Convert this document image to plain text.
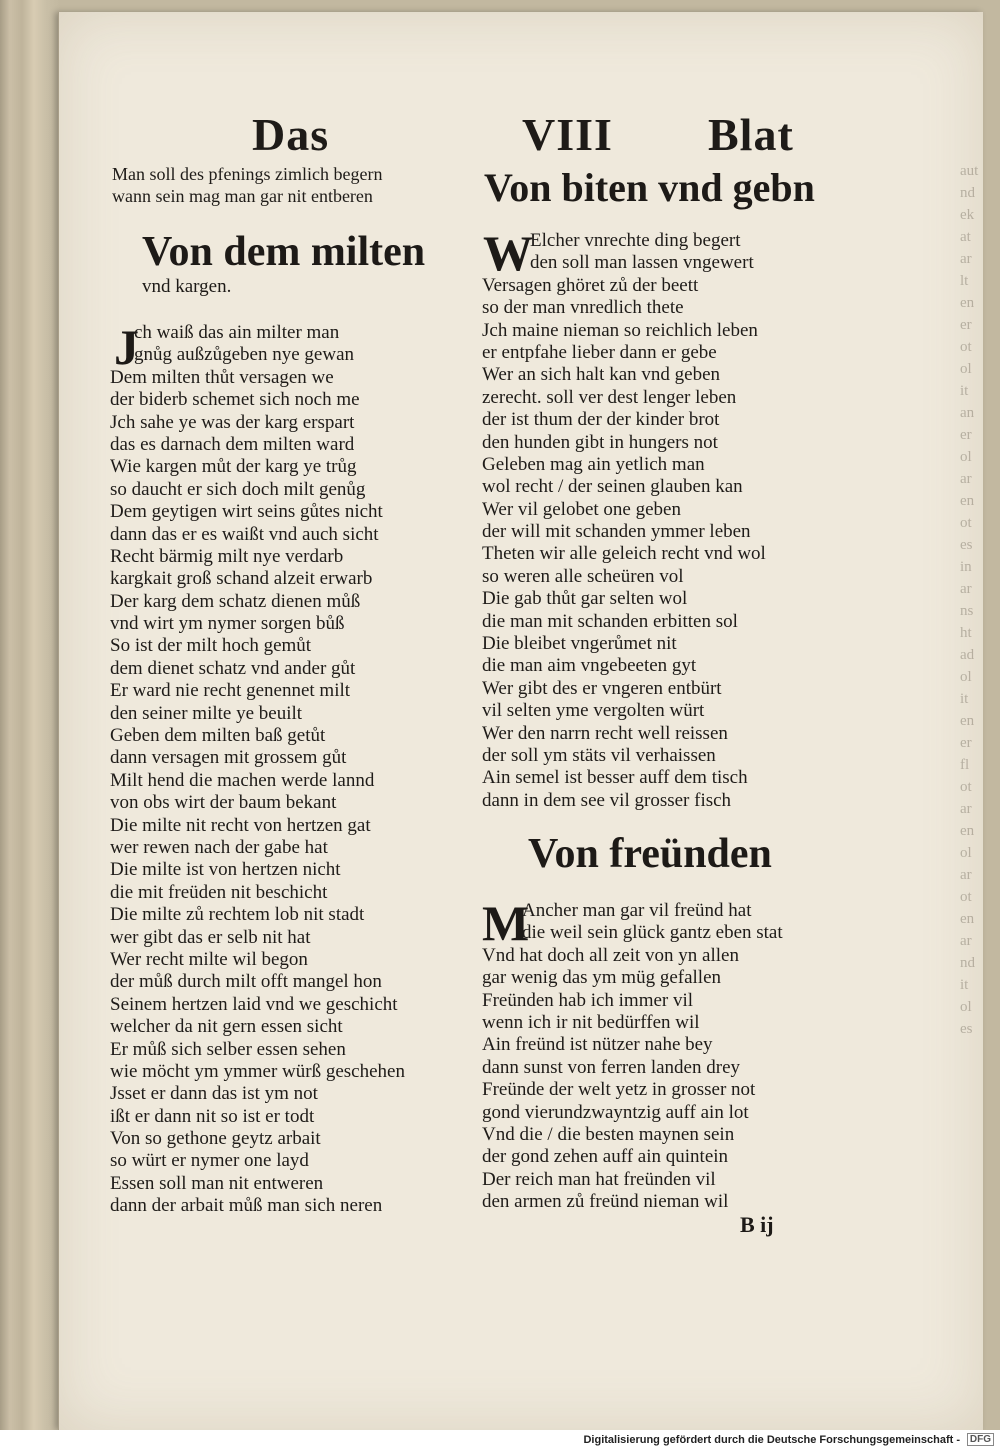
aut
nd
ek
at
ar
lt
en
er
ot
ol
it
an
er
ol
ar
en
ot
es
in
ar
ns
ht
ad
ol
it
en
er
fl
ot
ar
en
ol
ar
ot
en
ar
nd
it
ol
es
Das	VIII Blat
Man soll des pfenings zimlich begern
wann sein mag man gar nit entberen
Von dem milten
vnd kargen.
J
ch waiß das ain milter man
gnůg außzůgeben nye gewan
Dem milten thůt versagen we
der biderb schemet sich noch me
Jch sahe ye was der karg erspart
das es darnach dem milten ward
Wie kargen můt der karg ye trůg
so daucht er sich doch milt genůg
Dem geytigen wirt seins gůtes nicht
dann das er es waißt vnd auch sicht
Recht bärmig milt nye verdarb
kargkait groß schand alzeit erwarb
Der karg dem schatz dienen můß
vnd wirt ym nymer sorgen bůß
So ist der milt hoch gemůt
dem dienet schatz vnd ander gůt
Er ward nie recht genennet milt
den seiner milte ye beuilt
Geben dem milten baß getůt
dann versagen mit grossem gůt
Milt hend die machen werde lannd
von obs wirt der baum bekant
Die milte nit recht von hertzen gat
wer rewen nach der gabe hat
Die milte ist von hertzen nicht
die mit freüden nit beschicht
Die milte zů rechtem lob nit stadt
wer gibt das er selb nit hat
Wer recht milte wil begon
der můß durch milt offt mangel hon
Seinem hertzen laid vnd we geschicht
welcher da nit gern essen sicht
Er můß sich selber essen sehen
wie möcht ym ymmer würß geschehen
Jsset er dann das ist ym not
ißt er dann nit so ist er todt
Von so gethone geytz arbait
so würt er nymer one layd
Essen soll man nit entweren
dann der arbait můß man sich neren
Von biten vnd gebn
W
Elcher vnrechte ding begert
den soll man lassen vngewert
Versagen ghöret zů der beett
so der man vnredlich thete
Jch maine nieman so reichlich leben
er entpfahe lieber dann er gebe
Wer an sich halt kan vnd geben
zerecht. soll ver dest lenger leben
der ist thum der der kinder brot
den hunden gibt in hungers not
Geleben mag ain yetlich man
wol recht / der seinen glauben kan
Wer vil gelobet one geben
der will mit schanden ymmer leben
Theten wir alle geleich recht vnd wol
so weren alle scheüren vol
Die gab thůt gar selten wol
die man mit schanden erbitten sol
Die bleibet vngerůmet nit
die man aim vngebeeten gyt
Wer gibt des er vngeren entbürt
vil selten yme vergolten würt
Wer den narrn recht well reissen
der soll ym stäts vil verhaissen
Ain semel ist besser auff dem tisch
dann in dem see vil grosser fisch
Von freünden
M
Ancher man gar vil freünd hat
die weil sein glück gantz eben stat
Vnd hat doch all zeit von yn allen
gar wenig das ym müg gefallen
Freünden hab ich immer vil
wenn ich ir nit bedürffen wil
Ain freünd ist nützer nahe bey
dann sunst von ferren landen drey
Freünde der welt yetz in grosser not
gond vierundzwayntzig auff ain lot
Vnd die / die besten maynen sein
der gond zehen auff ain quintein
Der reich man hat freünden vil
den armen zů freünd nieman wil
B ij
Digitalisierung gefördert durch die Deutsche Forschungsgemeinschaft - DFG
